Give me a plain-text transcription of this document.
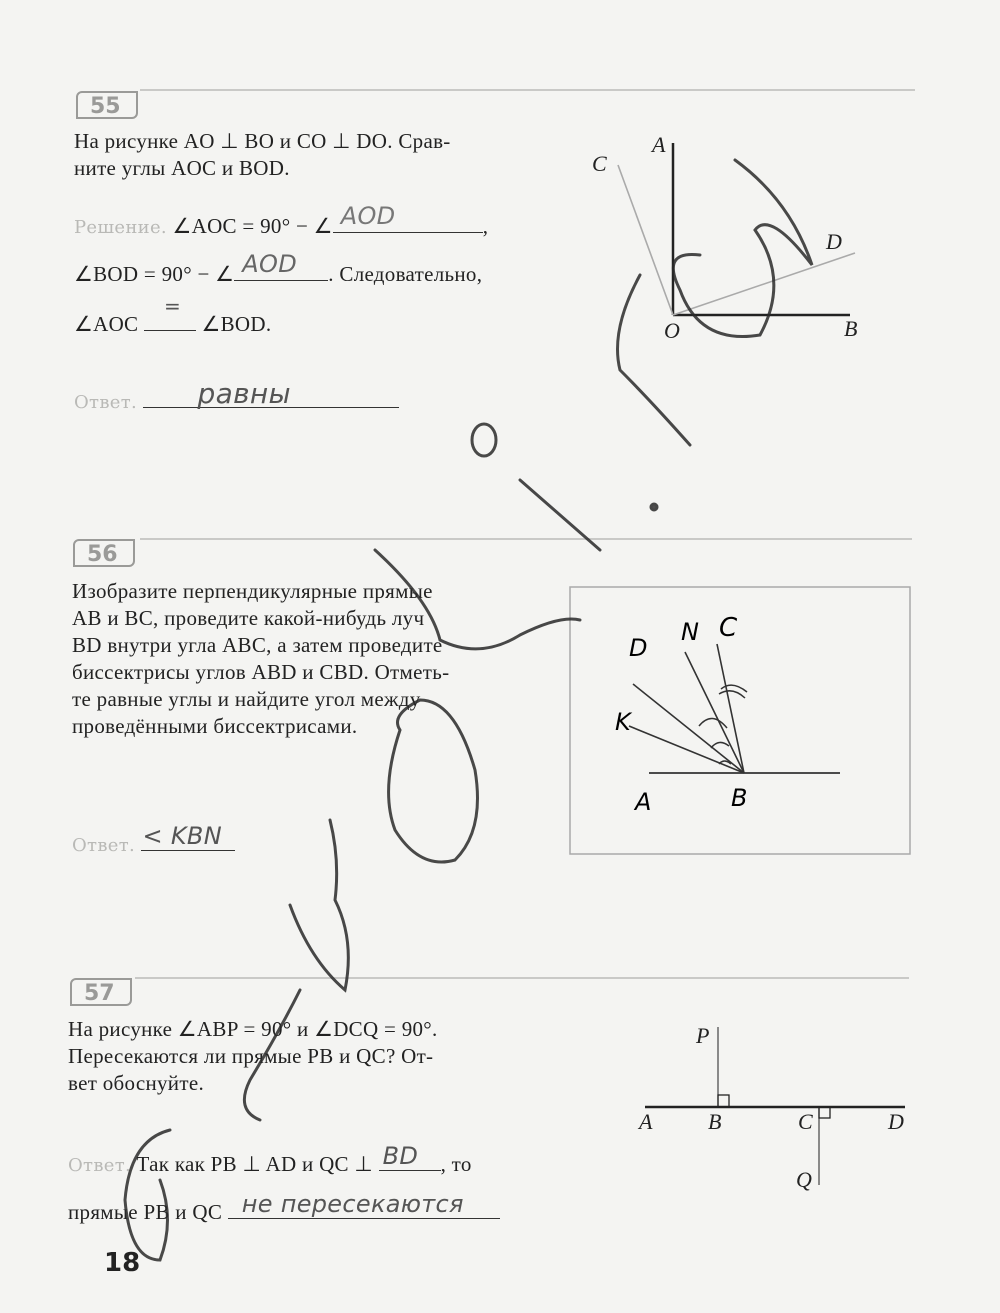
55
На рисунке AO ⊥ BO и CO ⊥ DO. Срав-
ните углы AOC и BOD.
Решение. ∠AOC = 90° − ∠ AOD	,
∠BOD = 90° − ∠ AOD . Следовательно,
∠AOC
=
∠BOD.
Ответ. равны
A
C
D
O	B
56
Изобразите перпендикулярные прямые
AB и BC, проведите какой-нибудь луч
BD внутри угла ABC, а затем проведите
биссектрисы углов ABD и CBD. Отметь-
те равные углы и найдите угол между
проведёнными биссектрисами.
Ответ. < KBN
D
N C
K
A	B
57
На рисунке ∠ABP = 90° и ∠DCQ = 90°.
Пересекаются ли прямые PB и QC? От-
вет обоснуйте.
Ответ. Так как PB ⊥ AD и QC ⊥ BD , то
прямые PB и QC не пересекаются
P
A	B	C	D
Q
18
